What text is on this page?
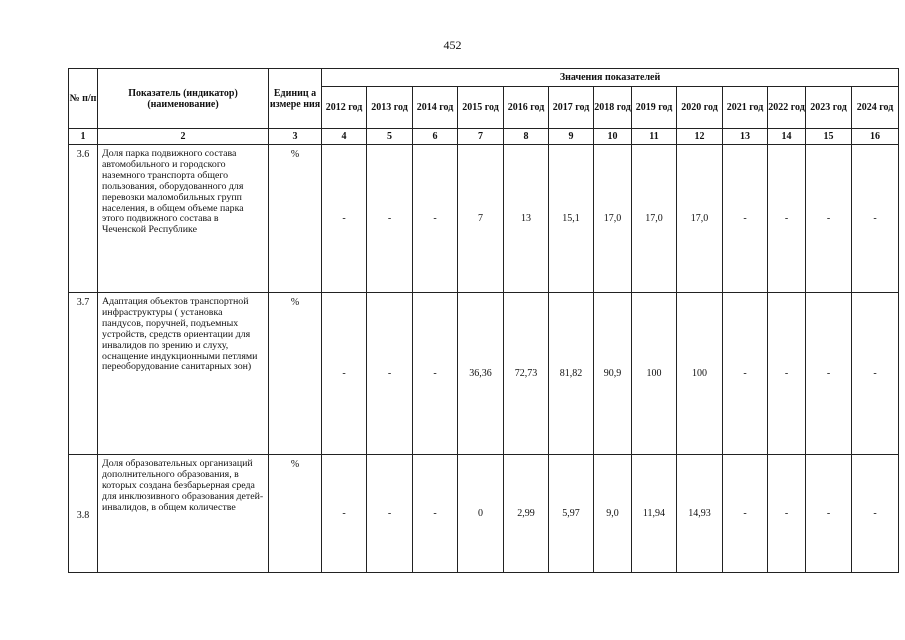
452
№ п/п	Показатель (индикатор) (наименование)	Единиц а измере ния	Значения показателей												
			2012 год	2013 год	2014 год	2015 год	2016 год	2017 год	2018 год	2019 год	2020 год	2021 год	2022 год	2023 год	2024 год
1	2	3	4	5	6	7	8	9	10	11	12	13	14	15	16
3.6	Доля парка подвижного состава автомобильного и городского наземного транспорта общего пользования, оборудованного для перевозки маломобильных групп населения, в общем объеме парка этого подвижного состава в Чеченской Республике	%	-	-	-	7	13	15,1	17,0	17,0	17,0	-	-	-	-
3.7	Адаптация объектов транспортной инфраструктуры ( установка пандусов, поручней, подъемных устройств, средств ориентации для инвалидов по зрению и слуху, оснащение индукционными петлями переоборудование санитарных зон)	%	-	-	-	36,36	72,73	81,82	90,9	100	100	-	-	-	-
3.8	Доля образовательных организаций дополнительного образования, в которых создана безбарьерная среда для инклюзивного образования детей-инвалидов, в общем количестве	%	-	-	-	0	2,99	5,97	9,0	11,94	14,93	-	-	-	-
